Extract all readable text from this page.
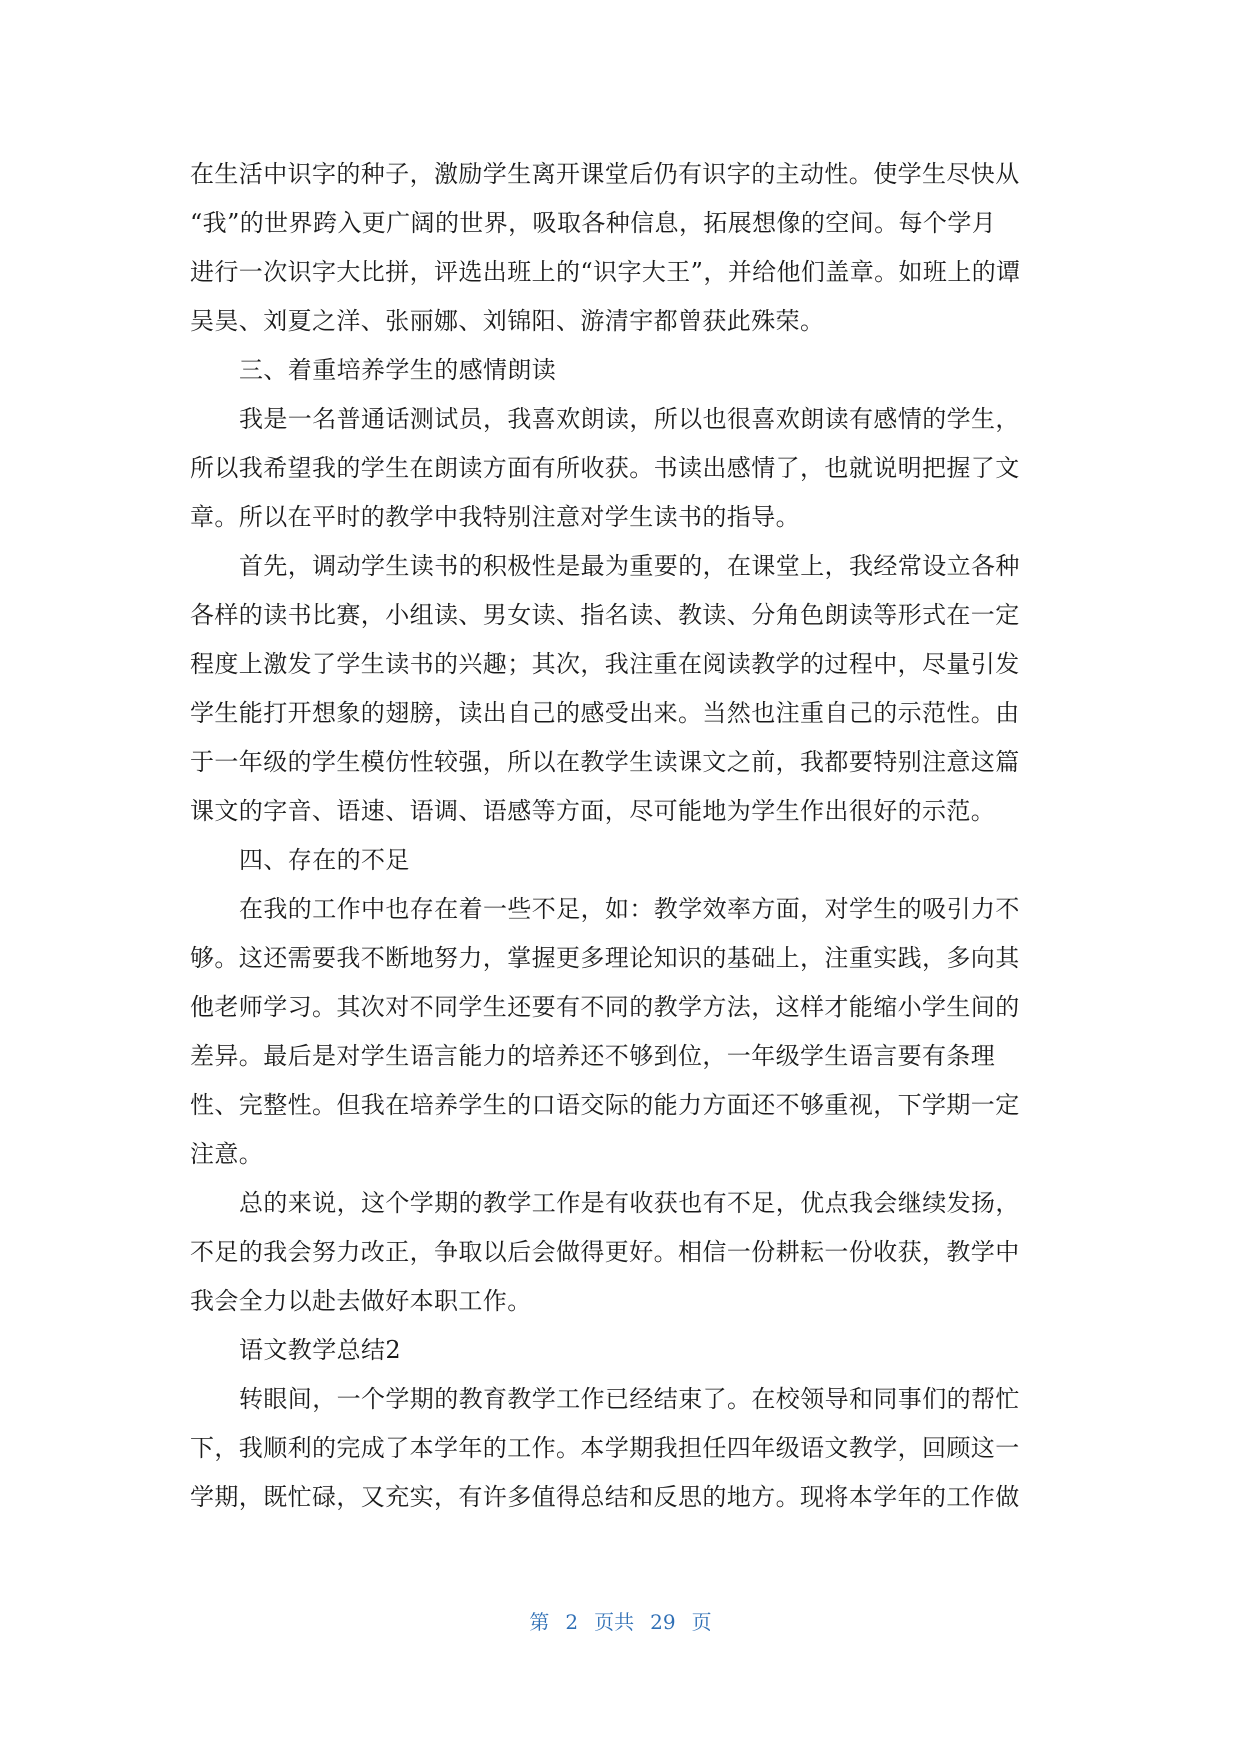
在生活中识字的种子，激励学生离开课堂后仍有识字的主动性。使学生尽快从
“我”的世界跨入更广阔的世界，吸取各种信息，拓展想像的空间。每个学月
进行一次识字大比拼，评选出班上的“识字大王”，并给他们盖章。如班上的谭
吴昊、刘夏之洋、张丽娜、刘锦阳、游清宇都曾获此殊荣。
三、着重培养学生的感情朗读
我是一名普通话测试员，我喜欢朗读，所以也很喜欢朗读有感情的学生，
所以我希望我的学生在朗读方面有所收获。书读出感情了，也就说明把握了文
章。所以在平时的教学中我特别注意对学生读书的指导。
首先，调动学生读书的积极性是最为重要的，在课堂上，我经常设立各种
各样的读书比赛，小组读、男女读、指名读、教读、分角色朗读等形式在一定
程度上激发了学生读书的兴趣；其次，我注重在阅读教学的过程中，尽量引发
学生能打开想象的翅膀，读出自己的感受出来。当然也注重自己的示范性。由
于一年级的学生模仿性较强，所以在教学生读课文之前，我都要特别注意这篇
课文的字音、语速、语调、语感等方面，尽可能地为学生作出很好的示范。
四、存在的不足
在我的工作中也存在着一些不足，如：教学效率方面，对学生的吸引力不
够。这还需要我不断地努力，掌握更多理论知识的基础上，注重实践，多向其
他老师学习。其次对不同学生还要有不同的教学方法，这样才能缩小学生间的
差异。最后是对学生语言能力的培养还不够到位，一年级学生语言要有条理
性、完整性。但我在培养学生的口语交际的能力方面还不够重视，下学期一定
注意。
总的来说，这个学期的教学工作是有收获也有不足，优点我会继续发扬，
不足的我会努力改正，争取以后会做得更好。相信一份耕耘一份收获，教学中
我会全力以赴去做好本职工作。
语文教学总结2
转眼间，一个学期的教育教学工作已经结束了。在校领导和同事们的帮忙
下，我顺利的完成了本学年的工作。本学期我担任四年级语文教学，回顾这一
学期，既忙碌，又充实，有许多值得总结和反思的地方。现将本学年的工作做
第 2 页共 29 页
